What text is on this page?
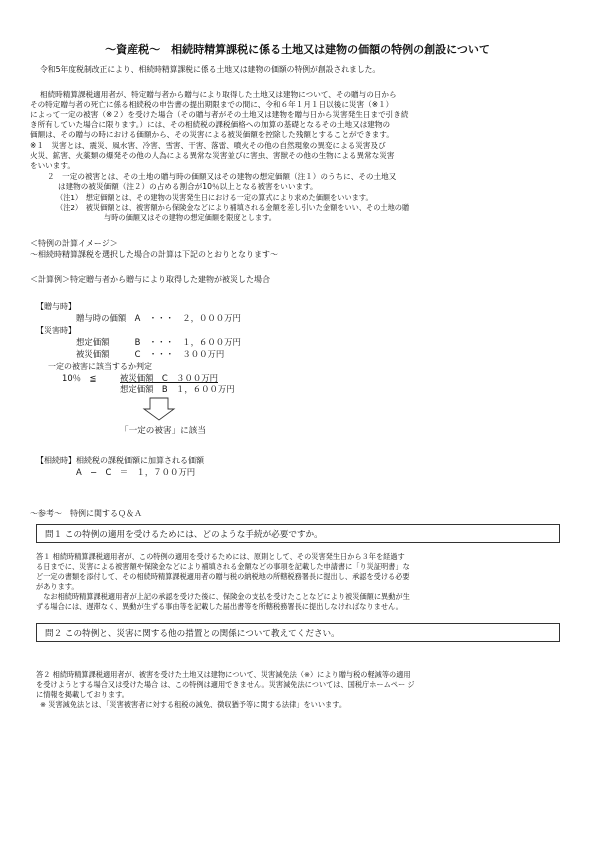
〜資産税〜　相続時精算課税に係る土地又は建物の価額の特例の創設について
令和5年度税制改正により、相続時精算課税に係る土地又は建物の価額の特例が創設されました。
相続時精算課税適用者が、特定贈与者から贈与により取得した土地又は建物について、その贈与の日から
その特定贈与者の死亡に係る相続税の申告書の提出期限までの間に、令和６年１月１日以後に災害（※１）
によって一定の被害（※２）を受けた場合（その贈与者がその土地又は建物を贈与日から災害発生日まで引き続
き所有していた場合に限ります。）には、その相続税の課税価格への加算の基礎となるその土地又は建物の
価額は、その贈与の時における価額から、その災害による被災価額を控除した残額とすることができます。
※１　災害とは、震災、風水害、冷害、雪害、干害、落雷、噴火その他の自然現象の異変による災害及び
火災、鉱害、火薬類の爆発その他の人為による異常な災害並びに害虫、害獣その他の生物による異常な災害
をいいます。
２　一定の被害とは、その土地の贈与時の価額又はその建物の想定価額（注１）のうちに、その土地又
は建物の被災価額（注２）の占める割合が10％以上となる被害をいいます。
（注1）　想定価額とは、その建物の災害発生日における一定の算式により求めた価額をいいます。
（注2）　被災価額とは、被害額から保険金などにより補填される金額を差し引いた金額をいい、その土地の贈
与時の価額又はその建物の想定価額を限度とします。
＜特例の計算イメージ＞
〜相続時精算課税を選択した場合の計算は下記のとおりとなります〜
＜計算例＞特定贈与者から贈与により取得した建物が被災した場合
【贈与時】
贈与時の価額　A　・・・　２，０００万円
【災害時】
想定価額　　　B　・・・　１，６００万円
被災価額　　　C　・・・　３００万円
一定の被害に該当するか判定
10％　≦	被災価額　C　３００万円
想定価額　B　１，６００万円
「一定の被害」に該当
【相続時】相続税の課税価額に加算される価額
A　−　C　＝　１，７００万円
〜参考〜　特例に関するＱ＆Ａ
問１ この特例の適用を受けるためには、どのような手続が必要ですか。
答１ 相続時精算課税適用者が、この特例の適用を受けるためには、原則として、その災害発生日から３年を経過す
る日までに、災害による被害額や保険金などにより補填される金額などの事項を記載した申請書に「り災証明書」な
ど一定の書類を添付して、その相続時精算課税適用者の贈与税の納税地の所轄税務署長に提出し、承認を受ける必要
があります。
　なお相続時精算課税適用者が上記の承認を受けた後に、保険金の支払を受けたことなどにより被災価額に異動が生
ずる場合には、遅滞なく、異動が生ずる事由等を記載した届出書等を所轄税務署長に提出しなければなりません。
問２ この特例と、災害に関する他の措置との関係について教えてください。
答２ 相続時精算課税適用者が、被害を受けた土地又は建物について、災害減免法（※）により贈与税の軽減等の適用
を受けようとする場合又は受けた場合 は、この特例は適用できません。災害減免法については、国税庁ホームペー ジ
に情報を掲載しております。
※ 災害減免法とは、「災害被害者に対する租税の減免、徴収猶予等に関する法律」をいいます。
